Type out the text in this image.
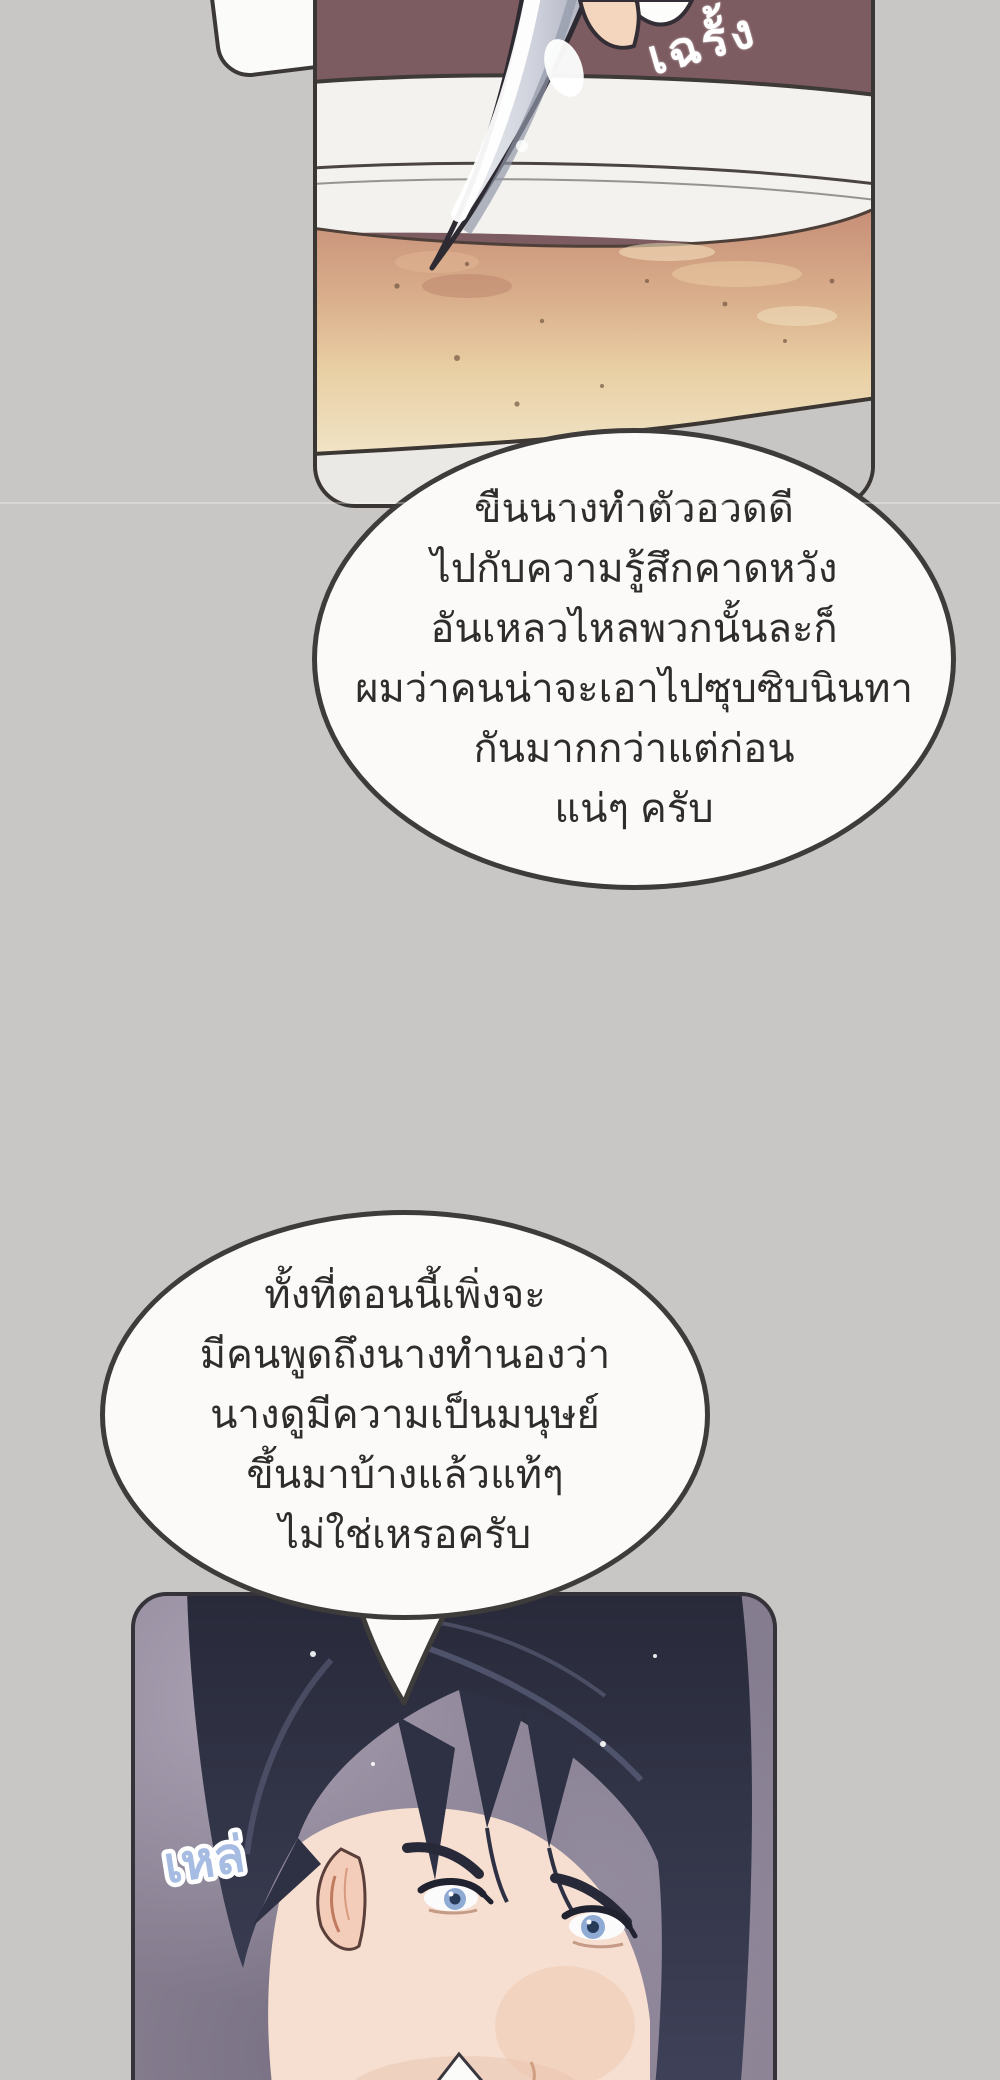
เฉรั้ง
ขืนนางทำตัวอวดดี
ไปกับความรู้สึกคาดหวัง
อันเหลวไหลพวกนั้นละก็
ผมว่าคนน่าจะเอาไปซุบซิบนินทา
กันมากกว่าแต่ก่อน
แน่ๆ ครับ
เหล่
ทั้งที่ตอนนี้เพิ่งจะ
มีคนพูดถึงนางทำนองว่า
นางดูมีความเป็นมนุษย์
ขึ้นมาบ้างแล้วแท้ๆ
ไม่ใช่เหรอครับ
